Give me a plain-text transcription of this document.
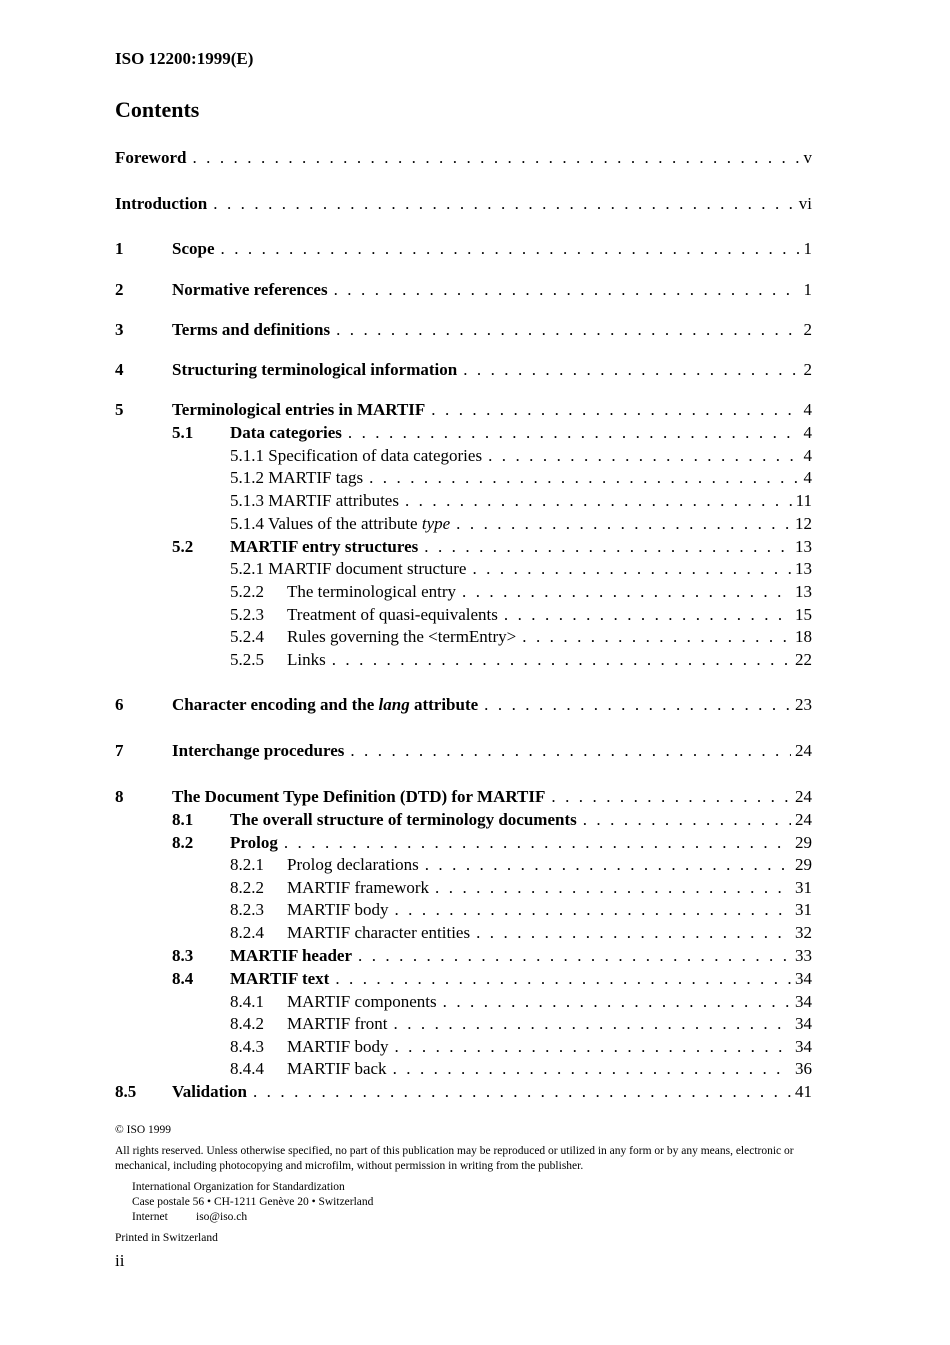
ISO 12200:1999(E)
Contents
Foreword . . .	v
Introduction . . .	vi
1	Scope . . .	1
2	Normative references . . .	1
3	Terms and definitions . . .	2
4	Structuring terminological information . . .	2
5	Terminological entries in MARTIF . . .	4
5.1 Data categories . . .	4
5.1.1 Specification of data categories . . .	4
5.1.2 MARTIF tags . . .	4
5.1.3 MARTIF attributes . . .	11
5.1.4 Values of the attribute type . . .	12
5.2 MARTIF entry structures . . .	13
5.2.1 MARTIF document structure . . .	13
5.2.2 The terminological entry . . .	13
5.2.3 Treatment of quasi-equivalents . . .	15
5.2.4 Rules governing the <termEntry> . . .	18
5.2.5 Links . . .	22
6	Character encoding and the lang attribute . . .	23
7	Interchange procedures . . .	24
8	The Document Type Definition (DTD) for MARTIF . . .	24
8.1 The overall structure of terminology documents . . .	24
8.2 Prolog . . .	29
8.2.1 Prolog declarations . . .	29
8.2.2 MARTIF framework . . .	31
8.2.3 MARTIF body . . .	31
8.2.4 MARTIF character entities . . .	32
8.3 MARTIF header . . .	33
8.4 MARTIF text . . .	34
8.4.1 MARTIF components . . .	34
8.4.2 MARTIF front . . .	34
8.4.3 MARTIF body . . .	34
8.4.4 MARTIF back . . .	36
8.5 Validation . . .	41

© ISO 1999

All rights reserved. Unless otherwise specified, no part of this publication may be reproduced or utilized in any form or by any means, electronic or mechanical, including photocopying and microfilm, without permission in writing from the publisher.

International Organization for Standardization

Case postale 56 • CH-1211 Genève 20 • Switzerland

Internet iso@iso.ch

Printed in Switzerland

ii
